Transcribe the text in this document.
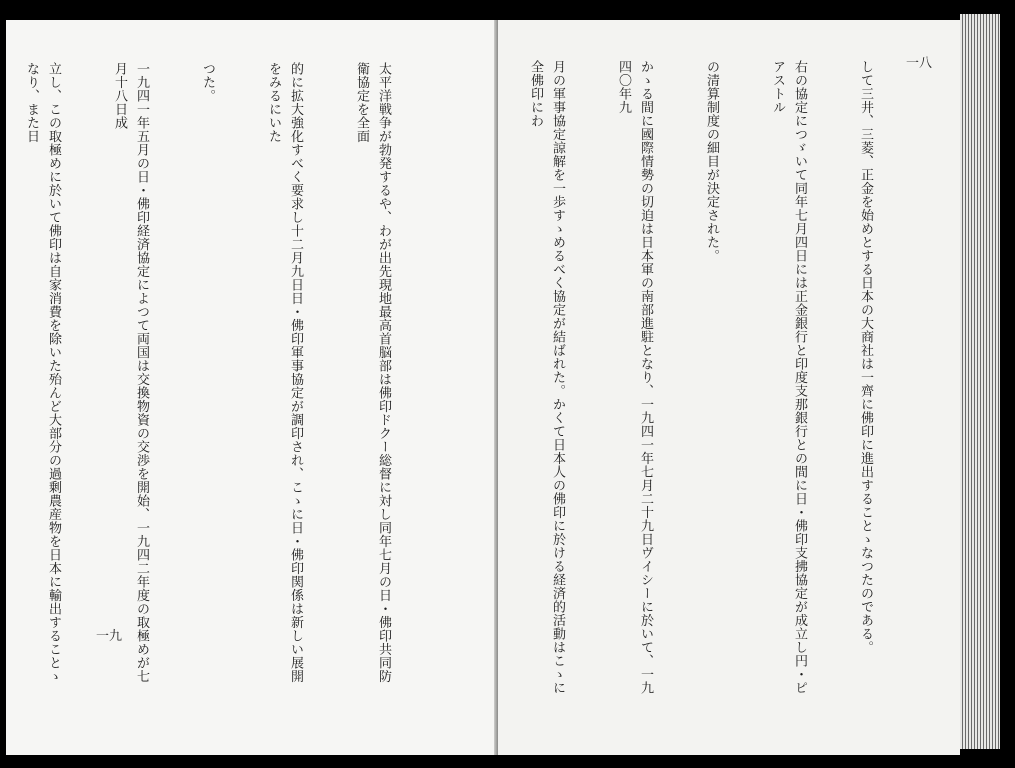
太平洋戦争が勃発するや、わが出先現地最高首脳部は佛印ドクー総督に対し同年七月の日・佛印共同防衛協定を全面

的に拡大強化すべく要求し十二月九日日・佛印軍事協定が調印され、こゝに日・佛印関係は新しい展開をみるにいた

つた。

一九四一年五月の日・佛印経済協定によつて両国は交換物資の交渉を開始、一九四二年度の取極めが七月十八日成

立し、この取極めに於いて佛印は自家消費を除いた殆んど大部分の過剰農産物を日本に輸出することゝなり、また日

一九

	して三井、三菱、正金を始めとする日本の大商社は一齊に佛印に進出することゝなつたのである。

右の協定につゞいて同年七月四日には正金銀行と印度支那銀行との間に日・佛印支拂協定が成立し円・ピアストル

の清算制度の細目が決定された。

かゝる間に國際情勢の切迫は日本軍の南部進駐となり、一九四一年七月二十九日ヴイシーに於いて、一九四〇年九

月の軍事協定諒解を一歩すゝめるべく協定が結ばれた。かくて日本人の佛印に於ける経済的活動はこゝに全佛印にわ

	一八
